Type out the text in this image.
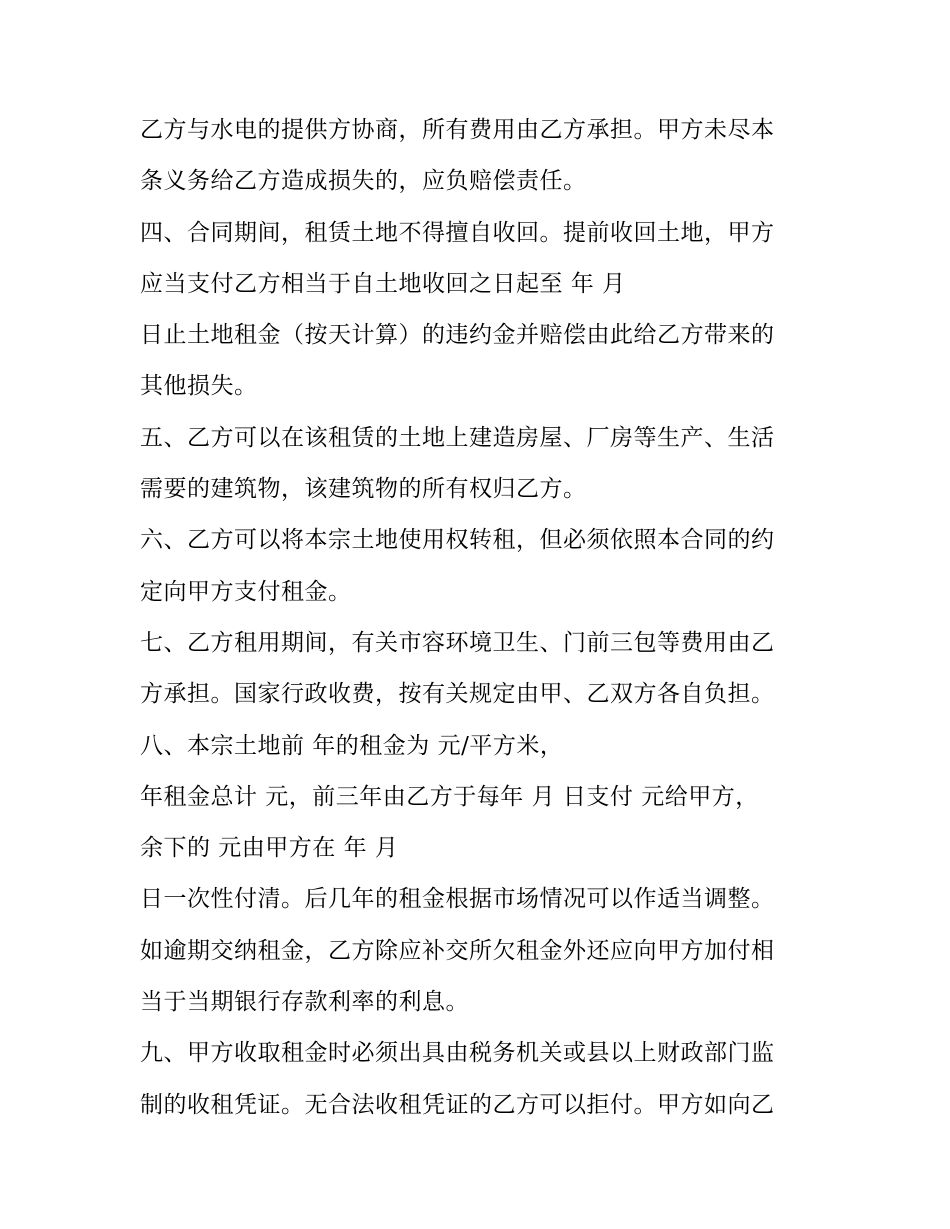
乙方与水电的提供方协商，所有费用由乙方承担。甲方未尽本
条义务给乙方造成损失的，应负赔偿责任。
四、合同期间，租赁土地不得擅自收回。提前收回土地，甲方
应当支付乙方相当于自土地收回之日起至 年 月
日止土地租金（按天计算）的违约金并赔偿由此给乙方带来的
其他损失。
五、乙方可以在该租赁的土地上建造房屋、厂房等生产、生活
需要的建筑物，该建筑物的所有权归乙方。
六、乙方可以将本宗土地使用权转租，但必须依照本合同的约
定向甲方支付租金。
七、乙方租用期间，有关市容环境卫生、门前三包等费用由乙
方承担。国家行政收费，按有关规定由甲、乙双方各自负担。
八、本宗土地前 年的租金为 元/平方米，
年租金总计 元，前三年由乙方于每年 月 日支付 元给甲方，
余下的 元由甲方在 年 月
日一次性付清。后几年的租金根据市场情况可以作适当调整。
如逾期交纳租金，乙方除应补交所欠租金外还应向甲方加付相
当于当期银行存款利率的利息。
九、甲方收取租金时必须出具由税务机关或县以上财政部门监
制的收租凭证。无合法收租凭证的乙方可以拒付。甲方如向乙
